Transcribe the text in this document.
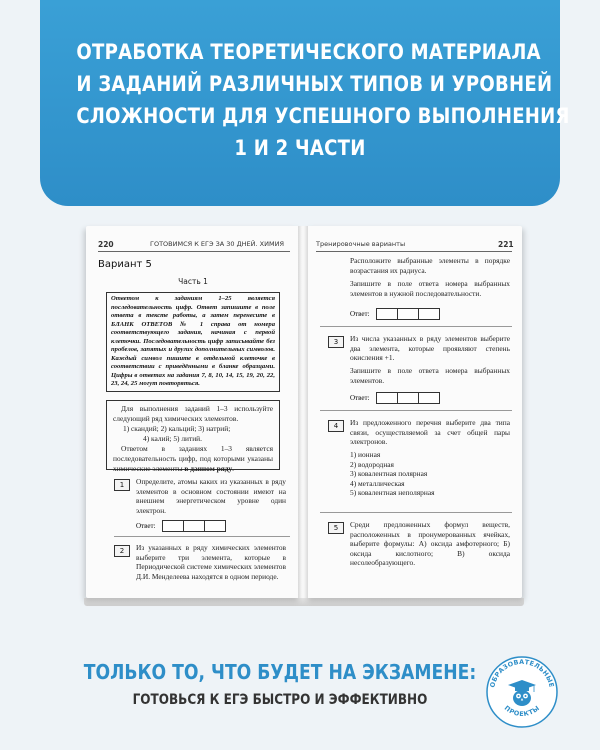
ОТРАБОТКА ТЕОРЕТИЧЕСКОГО МАТЕРИАЛА
И ЗАДАНИЙ РАЗЛИЧНЫХ ТИПОВ И УРОВНЕЙ
СЛОЖНОСТИ ДЛЯ УСПЕШНОГО ВЫПОЛНЕНИЯ
1 И 2 ЧАСТИ
220	ГОТОВИМСЯ К ЕГЭ ЗА 30 ДНЕЙ. ХИМИЯ
Вариант 5
Часть 1
Ответом к заданиям 1–25 является последовательность цифр. Ответ запишите в поле ответа в тексте работы, а затем перенесите в БЛАНК ОТВЕТОВ № 1 справа от номера соответствующего задания, начиная с первой клеточки. Последовательность цифр записывайте без пробелов, запятых и других дополнительных символов. Каждый символ пишите в отдельной клеточке в соответствии с приведёнными в бланке образцами. Цифры в ответах на задания 7, 8, 10, 14, 15, 19, 20, 22, 23, 24, 25 могут повторяться.
Для выполнения заданий 1–3 используйте следующий ряд химических элементов.
1) скандий; 2) кальций; 3) натрий;
4) калий; 5) литий.
Ответом в заданиях 1–3 является последовательность цифр, под которыми указаны химические элементы в данном ряду.
1	Определите, атомы каких из указанных в ряду элементов в основном состоянии имеют на внешнем энергетическом уровне один электрон.
Ответ:
2	Из указанных в ряду химических элементов выберите три элемента, которые в Периодической системе химических элементов Д.И. Менделеева находятся в одном периоде.
Тренировочные варианты	221
Расположите выбранные элементы в порядке возрастания их радиуса.
Запишите в поле ответа номера выбранных элементов в нужной последовательности.
Ответ:
3	Из числа указанных в ряду элементов выберите два элемента, которые проявляют степень окисления +1.
Запишите в поле ответа номера выбранных элементов.
Ответ:
4	Из предложенного перечня выберите два типа связи, осуществляемой за счет общей пары электронов.
1) ионная
2) водородная
3) ковалентная полярная
4) металлическая
5) ковалентная неполярная
5	Среди предложенных формул веществ, расположенных в пронумерованных ячейках, выберите формулы: А) оксида амфотерного; Б) оксида кислотного; В) оксида несолеобразующего.
ТОЛЬКО ТО, ЧТО БУДЕТ НА ЭКЗАМЕНЕ:
ГОТОВЬСЯ К ЕГЭ БЫСТРО И ЭФФЕКТИВНО
ОБРАЗОВАТЕЛЬНЫЕ
ПРОЕКТЫ
